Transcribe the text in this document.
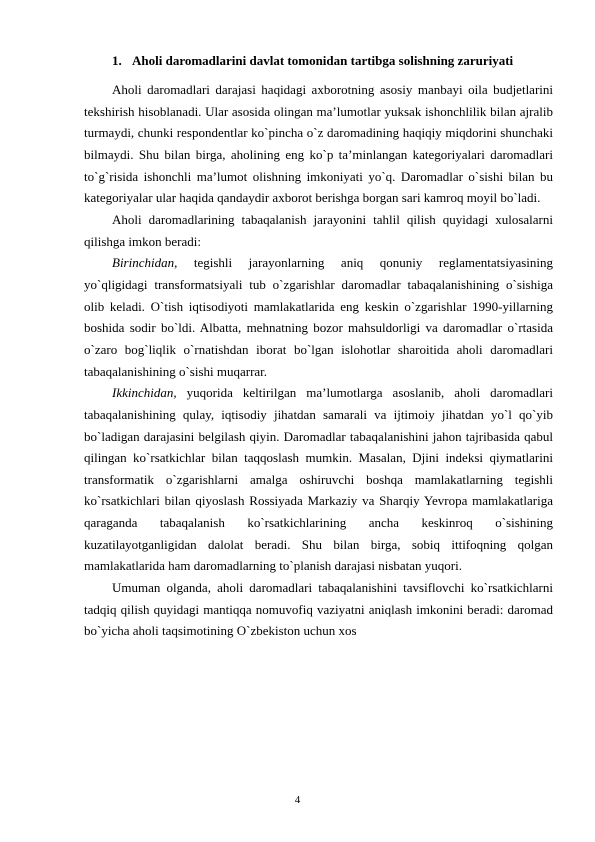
1. Aholi daromadlarini davlat tomonidan tartibga solishning zaruriyati

Aholi daromadlari darajasi haqidagi axborotning asosiy manbayi oila budjetlarini tekshirish hisoblanadi. Ular asosida olingan ma’lumotlar yuksak ishonchlilik bilan ajralib turmaydi, chunki respondentlar ko`pincha o`z daromadining haqiqiy miqdorini shunchaki bilmaydi. Shu bilan birga, aholining eng ko`p ta’minlangan kategoriyalari daromadlari to`g`risida ishonchli ma’lumot olishning imkoniyati yo`q. Daromadlar o`sishi bilan bu kategoriyalar ular haqida qandaydir axborot berishga borgan sari kamroq moyil bo`ladi.

Aholi daromadlarining tabaqalanish jarayonini tahlil qilish quyidagi xulosalarni qilishga imkon beradi:

Birinchidan, tegishli jarayonlarning aniq qonuniy reglamentatsiyasining yo`qligidagi transformatsiyali tub o`zgarishlar daromadlar tabaqalanishining o`sishiga olib keladi. O`tish iqtisodiyoti mamlakatlarida eng keskin o`zgarishlar 1990-yillarning boshida sodir bo`ldi. Albatta, mehnatning bozor mahsuldorligi va daromadlar o`rtasida o`zaro bog`liqlik o`rnatishdan iborat bo`lgan islohotlar sharoitida aholi daromadlari tabaqalanishining o`sishi muqarrar.

Ikkinchidan, yuqorida keltirilgan ma’lumotlarga asoslanib, aholi daromadlari tabaqalanishining qulay, iqtisodiy jihatdan samarali va ijtimoiy jihatdan yo`l qo`yib bo`ladigan darajasini belgilash qiyin. Daromadlar tabaqalanishini jahon tajribasida qabul qilingan ko`rsatkichlar bilan taqqoslash mumkin. Masalan, Djini indeksi qiymatlarini transformatik o`zgarishlarni amalga oshiruvchi boshqa mamlakatlarning tegishli ko`rsatkichlari bilan qiyoslash Rossiyada Markaziy va Sharqiy Yevropa mamlakatlariga qaraganda tabaqalanish ko`rsatkichlarining ancha keskinroq o`sishining kuzatilayotganligidan dalolat beradi. Shu bilan birga, sobiq ittifoqning qolgan mamlakatlarida ham daromadlarning to`planish darajasi nisbatan yuqori.

Umuman olganda, aholi daromadlari tabaqalanishini tavsiflovchi ko`rsatkichlarni tadqiq qilish quyidagi mantiqqa nomuvofiq vaziyatni aniqlash imkonini beradi: daromad bo`yicha aholi taqsimotining O`zbekiston uchun xos

4
